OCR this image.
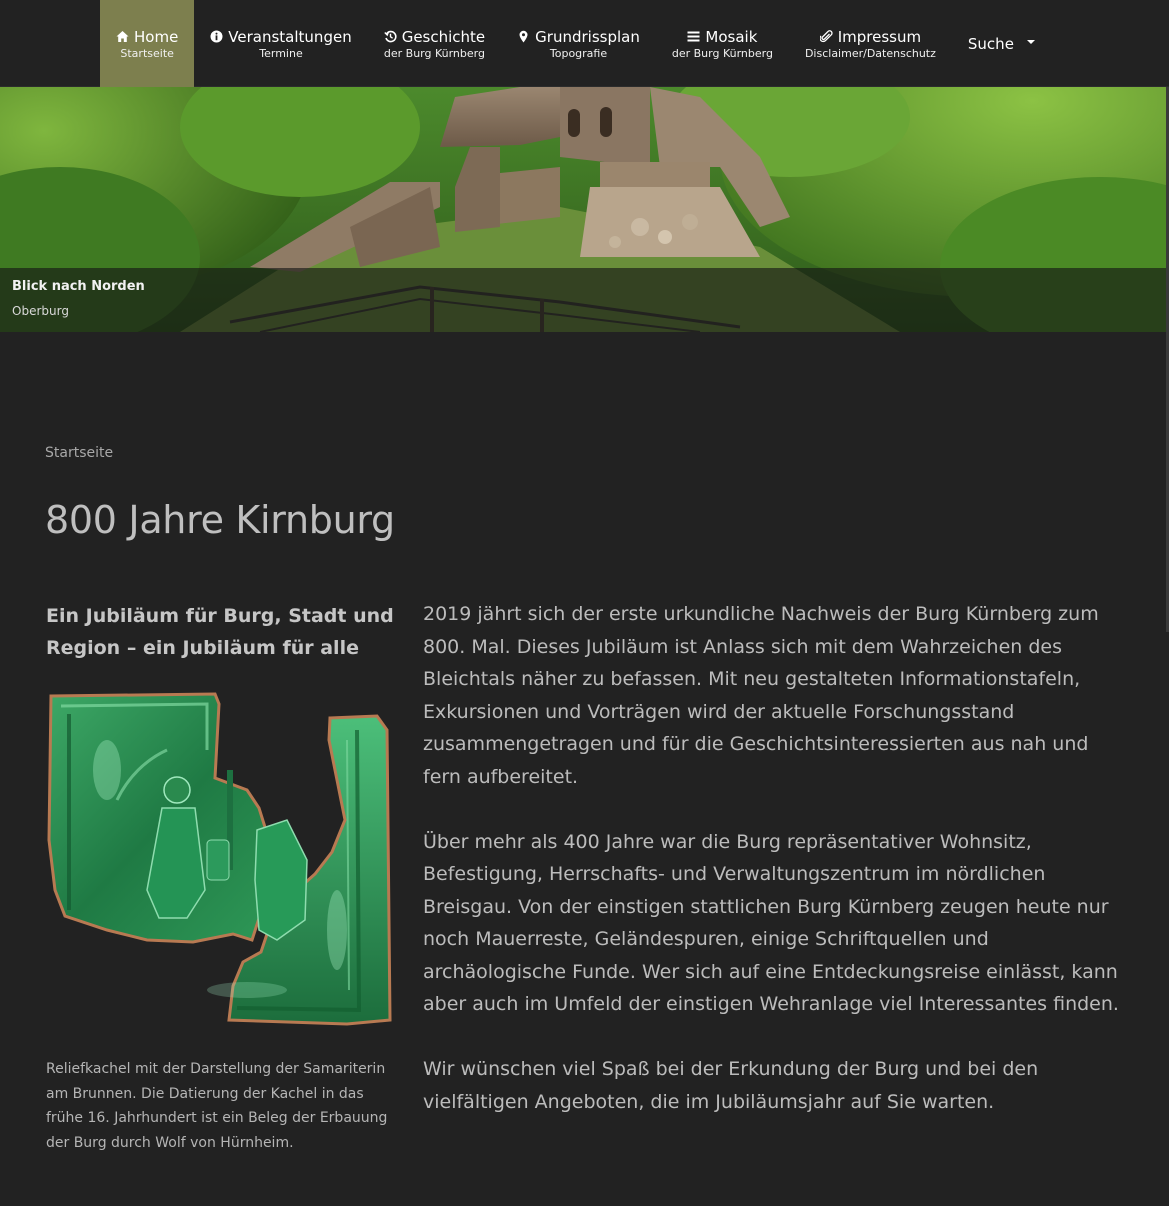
Home
Startseite
Veranstaltungen
Termine
Geschichte
der Burg Kürnberg
Grundrissplan
Topografie
Mosaik
der Burg Kürnberg
Impressum
Disclaimer/Datenschutz
Suche
Blick nach Norden
Oberburg
Startseite
800 Jahre Kirnburg
Ein Jubiläum für Burg, Stadt und Region – ein Jubiläum für alle

Reliefkachel mit der Darstellung der Samariterin am Brunnen. Die Datierung der Kachel in das frühe 16. Jahrhundert ist ein Beleg der Erbauung der Burg durch Wolf von Hürnheim.

2019 jährt sich der erste urkundliche Nachweis der Burg Kürnberg zum 800. Mal. Dieses Jubiläum ist Anlass sich mit dem Wahrzeichen des Bleichtals näher zu befassen. Mit neu gestalteten Informationstafeln, Exkursionen und Vorträgen wird der aktuelle Forschungsstand zusammengetragen und für die Geschichtsinteressierten aus nah und fern aufbereitet.

Über mehr als 400 Jahre war die Burg repräsentativer Wohnsitz, Befestigung, Herrschafts- und Verwaltungszentrum im nördlichen Breisgau. Von der einstigen stattlichen Burg Kürnberg zeugen heute nur noch Mauerreste, Geländespuren, einige Schriftquellen und archäologische Funde. Wer sich auf eine Entdeckungsreise einlässt, kann aber auch im Umfeld der einstigen Wehranlage viel Interessantes finden.

Wir wünschen viel Spaß bei der Erkundung der Burg und bei den vielfältigen Angeboten, die im Jubiläumsjahr auf Sie warten.
